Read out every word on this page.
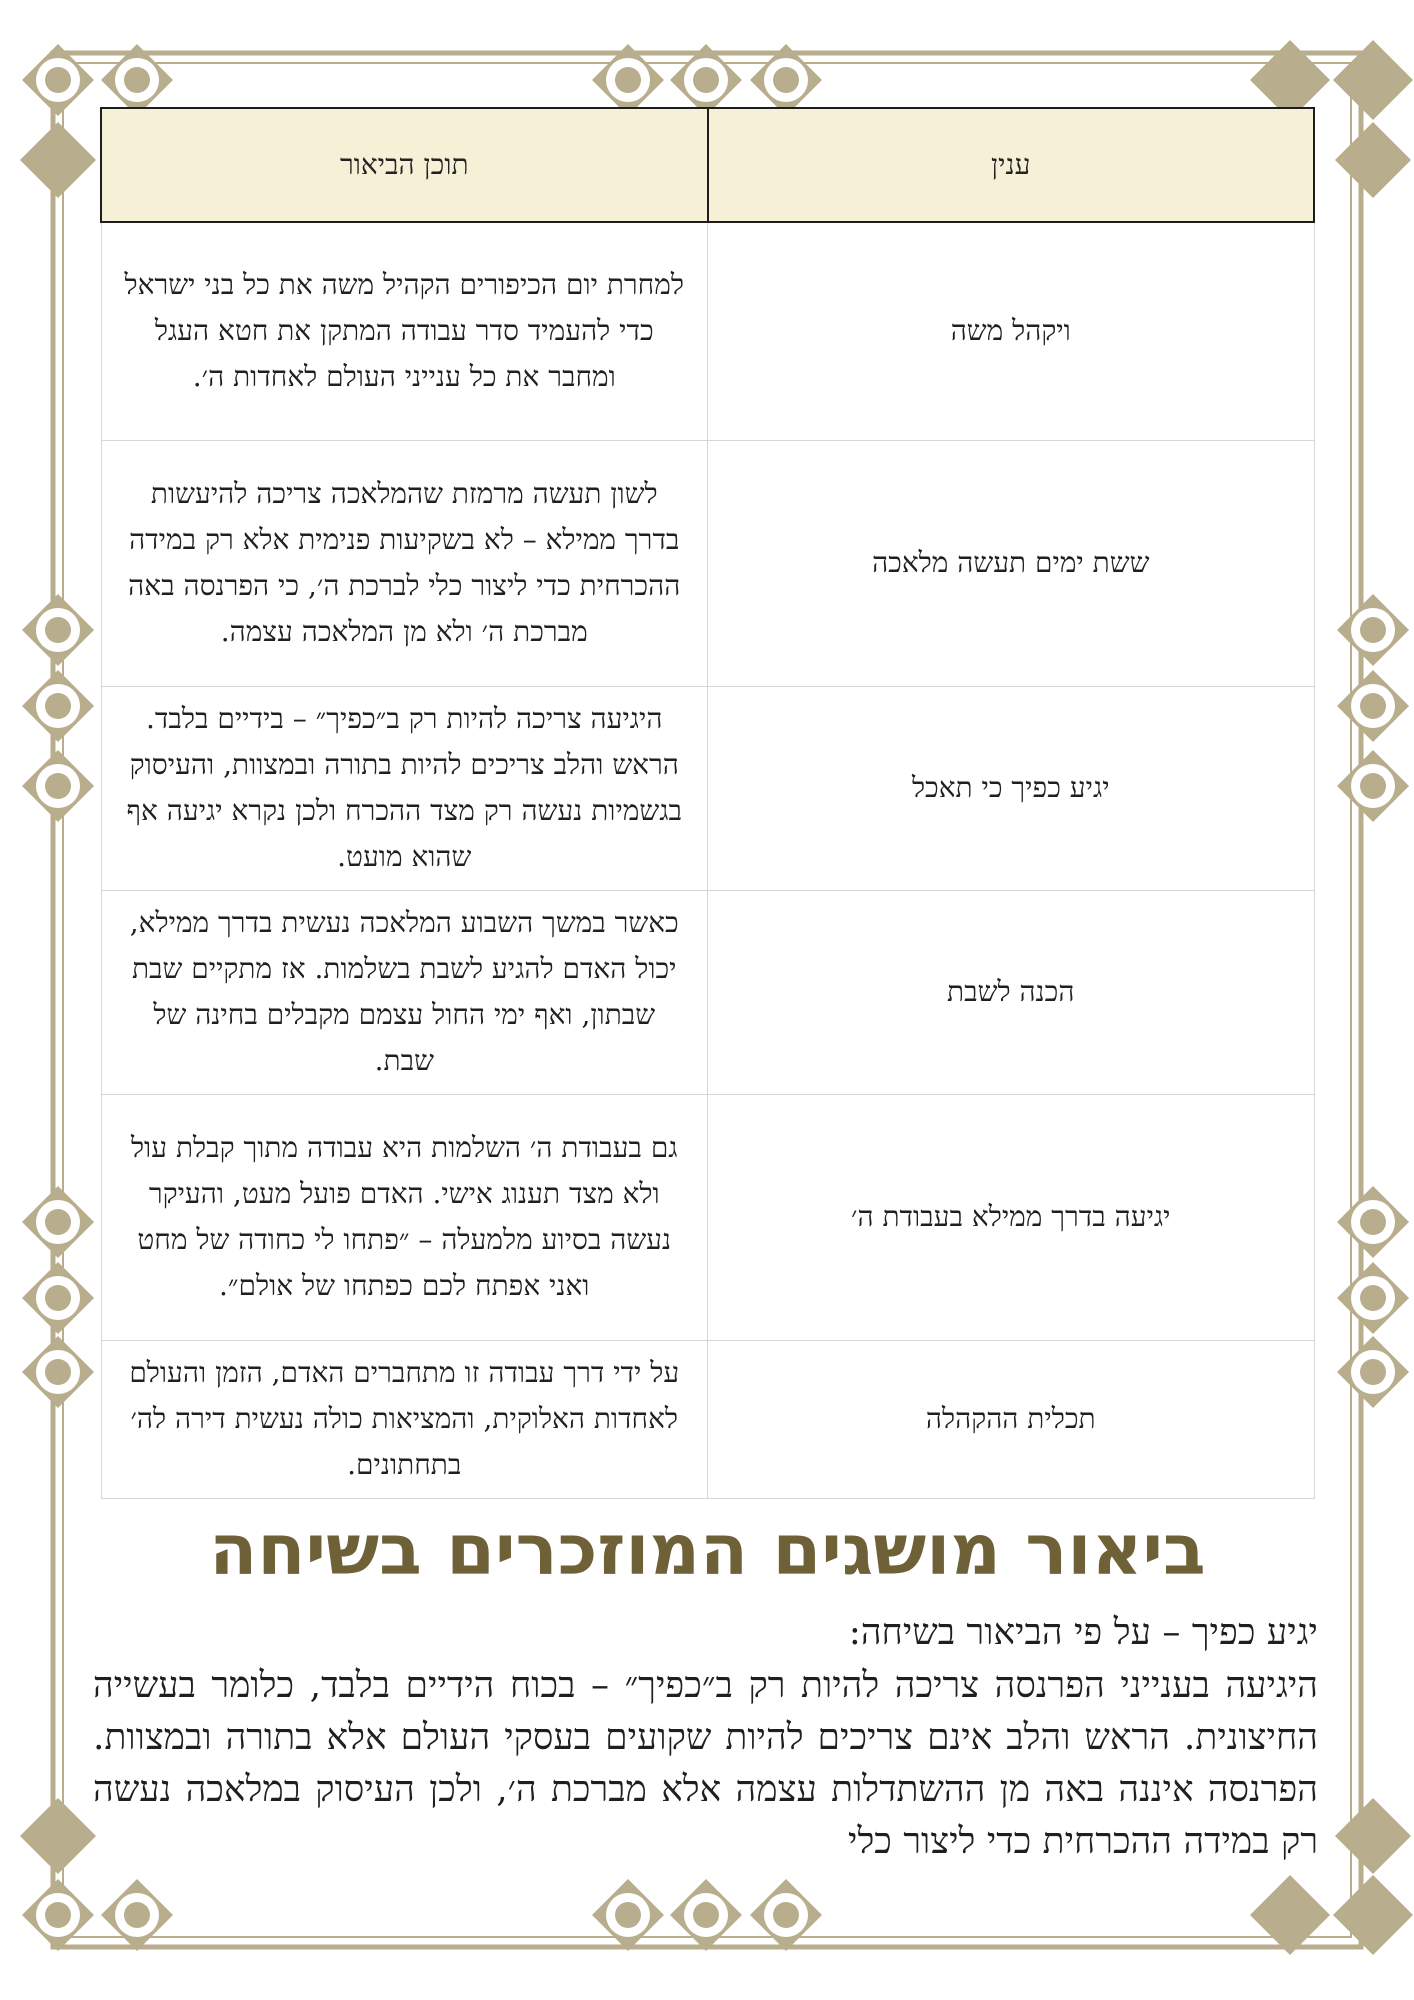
ענין	תוכן הביאור
ויקהל משה	למחרת יום הכיפורים הקהיל משה את כל בני ישראל כדי להעמיד סדר עבודה המתקן את חטא העגל ומחבר את כל ענייני העולם לאחדות ה׳.
ששת ימים תעשה מלאכה	לשון תעשה מרמזת שהמלאכה צריכה להיעשות בדרך ממילא – לא בשקיעות פנימית אלא רק במידה ההכרחית כדי ליצור כלי לברכת ה׳, כי הפרנסה באה מברכת ה׳ ולא מן המלאכה עצמה.
יגיע כפיך כי תאכל	היגיעה צריכה להיות רק ב״כפיך״ – בידיים בלבד. הראש והלב צריכים להיות בתורה ובמצוות, והעיסוק בגשמיות נעשה רק מצד ההכרח ולכן נקרא יגיעה אף שהוא מועט.
הכנה לשבת	כאשר במשך השבוע המלאכה נעשית בדרך ממילא, יכול האדם להגיע לשבת בשלמות. אז מתקיים שבת שבתון, ואף ימי החול עצמם מקבלים בחינה של שבת.
יגיעה בדרך ממילא בעבודת ה׳	גם בעבודת ה׳ השלמות היא עבודה מתוך קבלת עול ולא מצד תענוג אישי. האדם פועל מעט, והעיקר נעשה בסיוע מלמעלה – ״פתחו לי כחודה של מחט ואני אפתח לכם כפתחו של אולם״.
תכלית ההקהלה	על ידי דרך עבודה זו מתחברים האדם, הזמן והעולם לאחדות האלוקית, והמציאות כולה נעשית דירה לה׳ בתחתונים.
ביאור מושגים המוזכרים בשיחה
יגיע כפיך – על פי הביאור בשיחה:
היגיעה בענייני הפרנסה צריכה להיות רק ב״כפיך״ – בכוח הידיים בלבד, כלומר בעשייה החיצונית. הראש והלב אינם צריכים להיות שקועים בעסקי העולם אלא בתורה ובמצוות. הפרנסה איננה באה מן ההשתדלות עצמה אלא מברכת ה׳, ולכן העיסוק במלאכה נעשה רק במידה ההכרחית כדי ליצור כלי
